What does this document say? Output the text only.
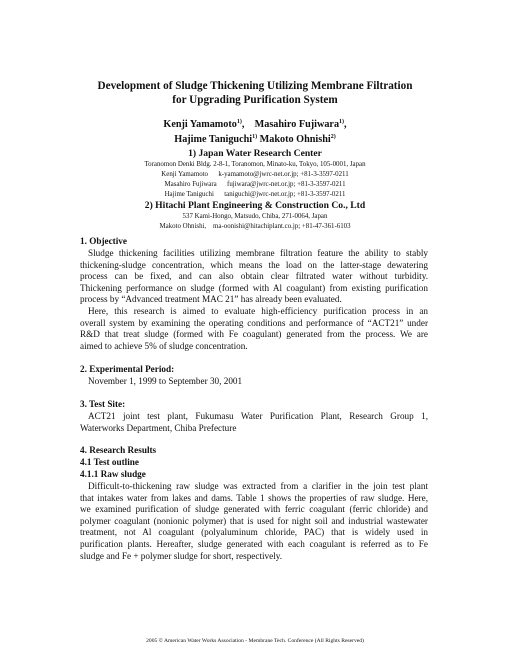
Development of Sludge Thickening Utilizing Membrane Filtration
for Upgrading Purification System
Kenji Yamamoto$^{1)}$,    Masahiro Fujiwara$^{1)}$,
Hajime Taniguchi$^{1)}$ Makoto Ohnishi$^{2)}$
1) Japan Water Research Center
Toranomon Denki Bldg. 2-8-1, Toranomon, Minato-ku, Tokyo, 105-0001, Japan
Kenji Yamamoto      k-yamamoto@jwrc-net.or.jp; +81-3-3597-0211
Masahiro Fujiwara      fujiwara@jwrc-net.or.jp; +81-3-3597-0211
Hajime Taniguchi      taniguchi@jwrc-net.or.jp; +81-3-3597-0211
2) Hitachi Plant Engineering & Construction Co., Ltd
537 Kami-Hongo, Matsudo, Chiba, 271-0064, Japan
Makoto Ohnishi,    ma-oonishi@hitachiplant.co.jp; +81-47-361-6103
1. Objective
Sludge thickening facilities utilizing membrane filtration feature the ability to stably
thickening-sludge concentration, which means the load on the latter-stage dewatering
process can be fixed, and can also obtain clear filtrated water without turbidity.
Thickening performance on sludge (formed with Al coagulant) from existing purification
process by “Advanced treatment MAC 21” has already been evaluated.
Here, this research is aimed to evaluate high-efficiency purification process in an
overall system by examining the operating conditions and performance of “ACT21” under
R&D that treat sludge (formed with Fe coagulant) generated from the process. We are
aimed to achieve 5% of sludge concentration.
2. Experimental Period:
November 1, 1999 to September 30, 2001
3. Test Site:
ACT21 joint test plant, Fukumasu Water Purification Plant, Research Group 1,
Waterworks Department, Chiba Prefecture
4. Research Results
4.1 Test outline
4.1.1 Raw sludge
Difficult-to-thickening raw sludge was extracted from a clarifier in the join test plant
that intakes water from lakes and dams. Table 1 shows the properties of raw sludge. Here,
we examined purification of sludge generated with ferric coagulant (ferric chloride) and
polymer coagulant (nonionic polymer) that is used for night soil and industrial wastewater
treatment, not Al coagulant (polyaluminum chloride, PAC) that is widely used in
purification plants. Hereafter, sludge generated with each coagulant is referred as to Fe
sludge and Fe + polymer sludge for short, respectively.
2005 © American Water Works Association - Membrane Tech. Conference (All Rights Reserved)
